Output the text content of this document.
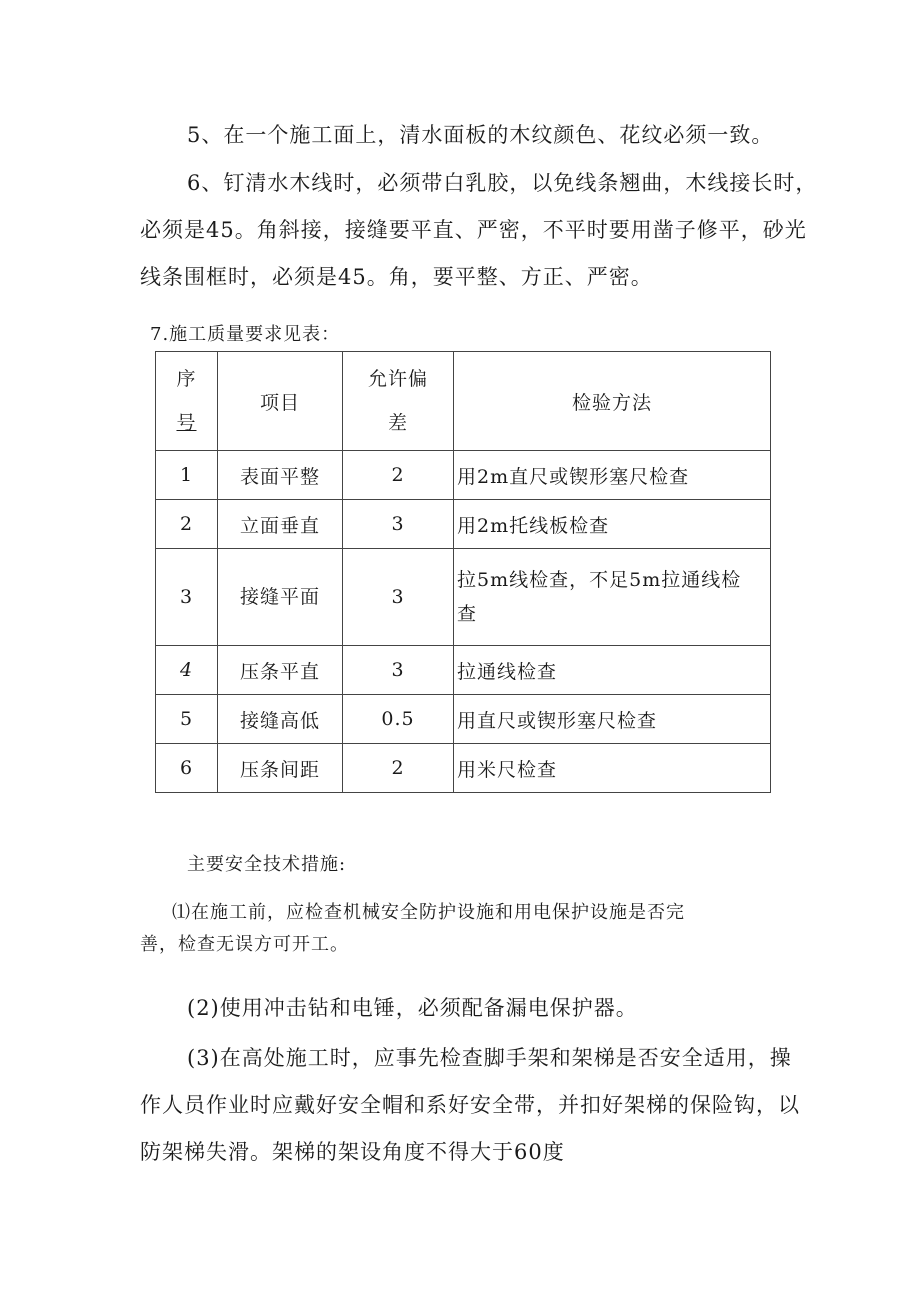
5、在一个施工面上，清水面板的木纹颜色、花纹必须一致。

6、钉清水木线时，必须带白乳胶，以免线条翘曲，木线接长时，
必须是45。角斜接，接缝要平直、严密，不平时要用凿子修平，砂光
线条围框时，必须是45。角，要平整、方正、严密。

7.施工质量要求见表：

序
号	项目	允许偏
差	检验方法
1	表面平整	2	用2m直尺或锲形塞尺检查
2	立面垂直	3	用2m托线板检查
3	接缝平面	3	拉5m线检查，不足5m拉通线检
查

4	压条平直	3	拉通线检查
5	接缝高低	0.5	用直尺或锲形塞尺检查
6	压条间距	2	用米尺检查

主要安全技术措施:

⑴在施工前，应检查机械安全防护设施和用电保护设施是否完
善，检查无误方可开工。

(2)使用冲击钻和电锤，必须配备漏电保护器。

(3)在高处施工时，应事先检查脚手架和架梯是否安全适用，操
作人员作业时应戴好安全帽和系好安全带，并扣好架梯的保险钩，以
防架梯失滑。架梯的架设角度不得大于60度
